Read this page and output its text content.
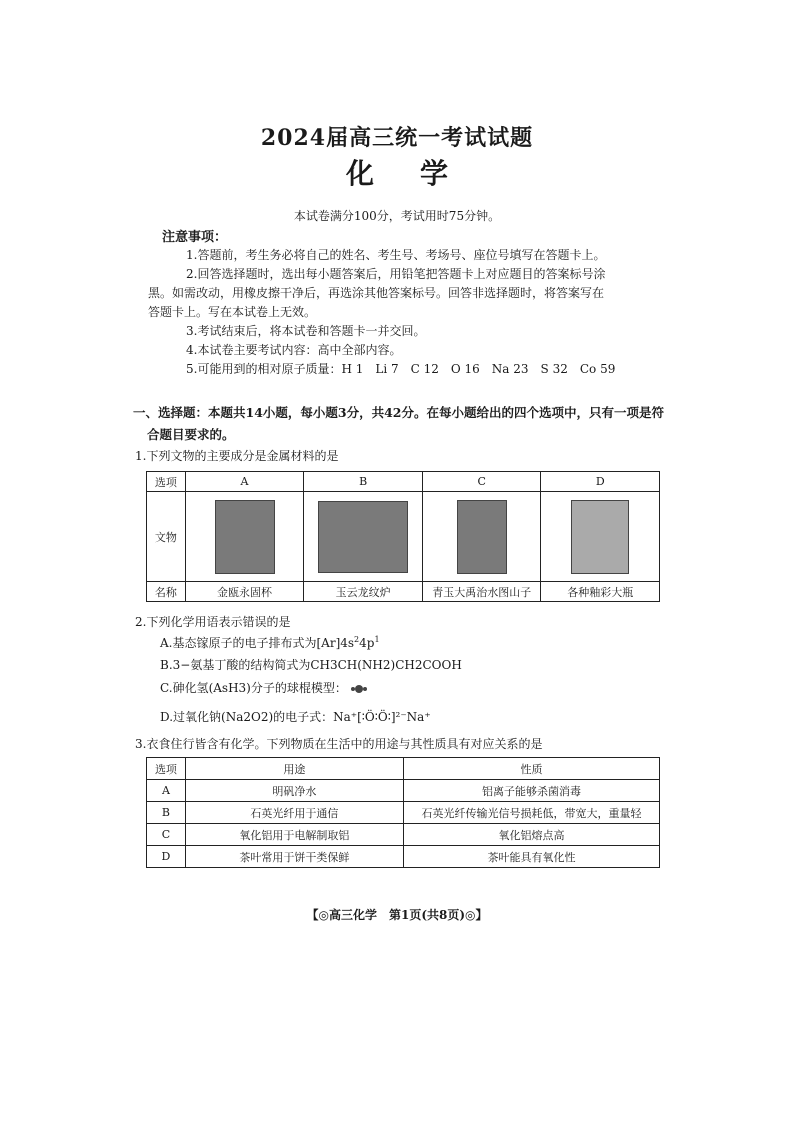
2024届高三统一考试试题
化学
本试卷满分100分，考试用时75分钟。
注意事项：

1.答题前，考生务必将自己的姓名、考生号、考场号、座位号填写在答题卡上。

2.回答选择题时，选出每小题答案后，用铅笔把答题卡上对应题目的答案标号涂

黑。如需改动，用橡皮擦干净后，再选涂其他答案标号。回答非选择题时，将答案写在

答题卡上。写在本试卷上无效。

3.考试结束后，将本试卷和答题卡一并交回。

4.本试卷主要考试内容：高中全部内容。

5.可能用到的相对原子质量：H 1　Li 7　C 12　O 16　Na 23　S 32　Co 59

一、选择题：本题共14小题，每小题3分，共42分。在每小题给出的四个选项中，只有一项是符
合题目要求的。
1.下列文物的主要成分是金属材料的是
选项	A	B	C	D
文物	

名称	金瓯永固杯	玉云龙纹炉	青玉大禹治水图山子	各种釉彩大瓶
2.下列化学用语表示错误的是
A.基态镓原子的电子排布式为$[Ar]4s^24p^1$
B.3−氨基丁酸的结构简式为CH3CH(NH2)CH2COOH
C.砷化氢(AsH3)分子的球棍模型：
D.过氧化钠(Na2O2)的电子式：Na⁺[∶Ö∶Ö∶]²⁻Na⁺
3.衣食住行皆含有化学。下列物质在生活中的用途与其性质具有对应关系的是
选项	用途	性质
A	明矾净水	铝离子能够杀菌消毒
B	石英光纤用于通信	石英光纤传输光信号损耗低，带宽大，重量轻
C	氧化铝用于电解制取铝	氧化铝熔点高
D	茶叶常用于饼干类保鲜	茶叶能具有氧化性
【◎高三化学　第1页(共8页)◎】
